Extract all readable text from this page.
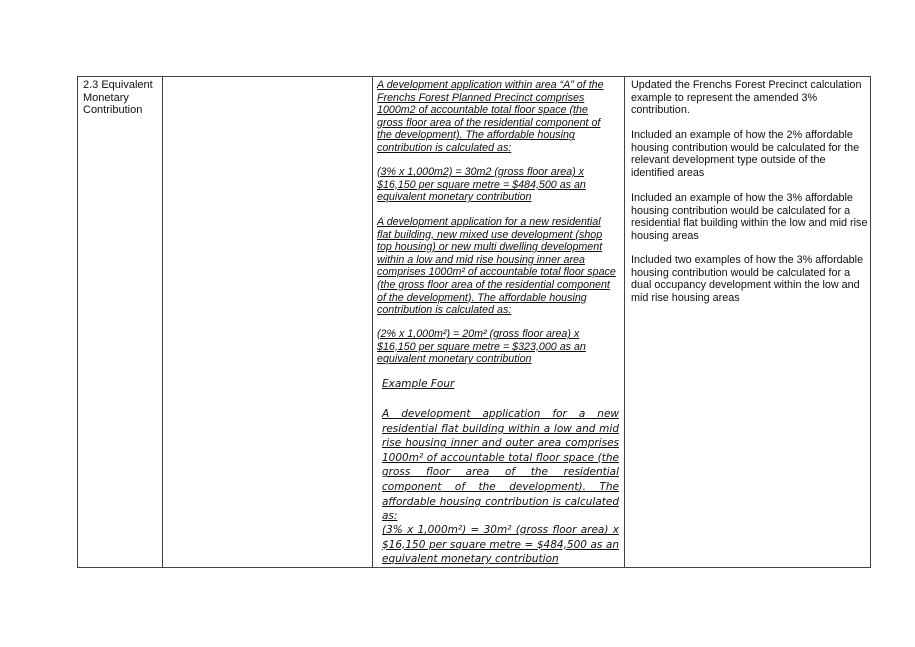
2.3 Equivalent Monetary Contribution
A development application within area “A” of the Frenchs Forest Planned Precinct comprises 1000m2 of accountable total floor space (the gross floor area of the residential component of the development). The affordable housing contribution is calculated as:
(3% x 1,000m2) = 30m2 (gross floor area) x $16,150 per square metre = $484,500 as an equivalent monetary contribution
A development application for a new residential flat building, new mixed use development (shop top housing) or new multi dwelling development within a low and mid rise housing inner area comprises 1000m² of accountable total floor space (the gross floor area of the residential component of the development). The affordable housing contribution is calculated as:
(2% x 1,000m²) = 20m² (gross floor area) x $16,150 per square metre = $323,000 as an equivalent monetary contribution
Example Four
A development application for a new residential flat building within a low and mid rise housing inner and outer area comprises 1000m² of accountable total floor space (the gross floor area of the residential component of the development). The affordable housing contribution is calculated as:
(3% x 1,000m²) = 30m² (gross floor area) x $16,150 per square metre = $484,500 as an equivalent monetary contribution
Updated the Frenchs Forest Precinct calculation example to represent the amended 3% contribution.
Included an example of how the 2% affordable housing contribution would be calculated for the relevant development type outside of the identified areas
Included an example of how the 3% affordable housing contribution would be calculated for a residential flat building within the low and mid rise housing areas
Included two examples of how the 3% affordable housing contribution would be calculated for a dual occupancy development within the low and mid rise housing areas
